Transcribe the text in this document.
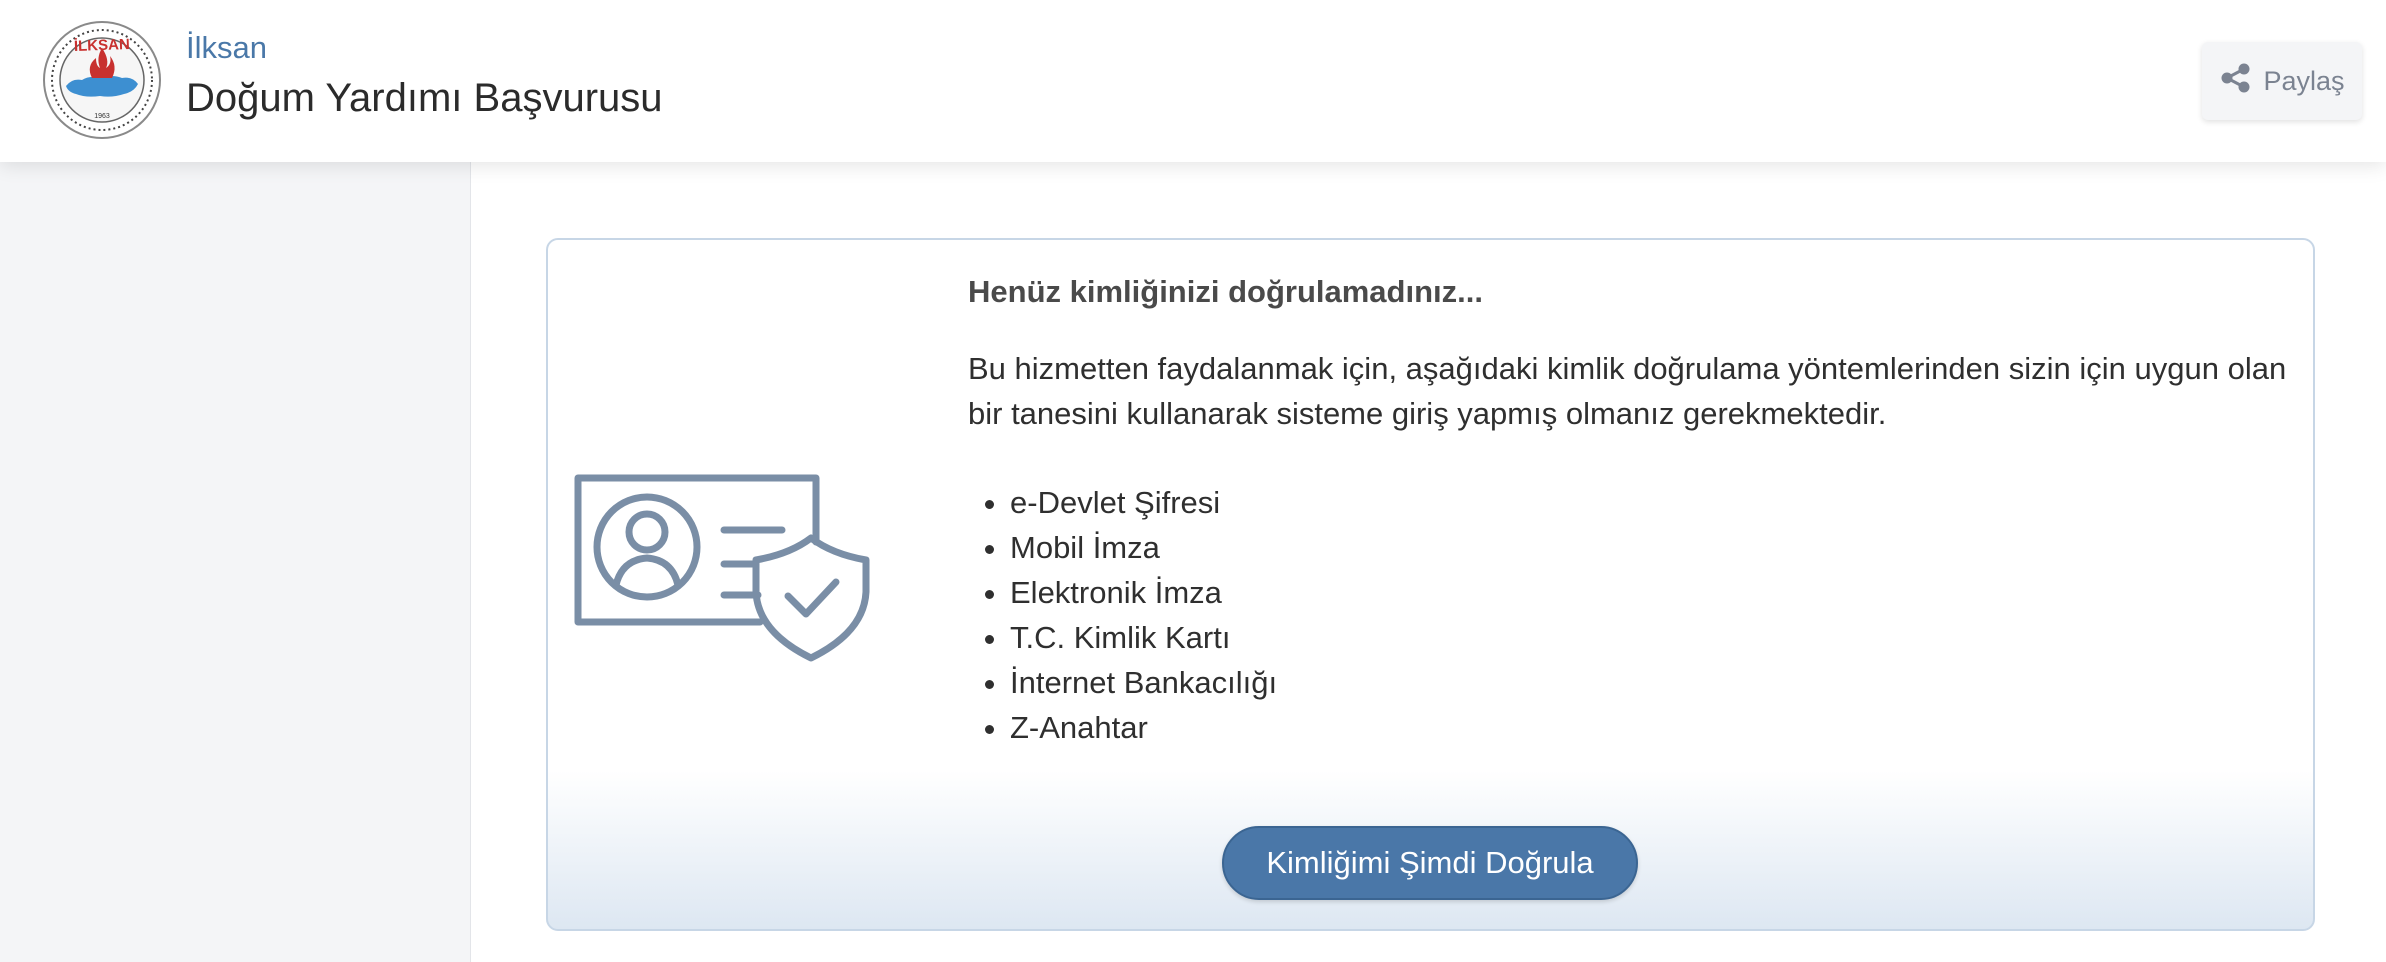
İLKSAN
1963
İlksan
Doğum Yardımı Başvurusu	Paylaş
Henüz kimliğinizi doğrulamadınız...

Bu hizmetten faydalanmak için, aşağıdaki kimlik doğrulama yöntemlerinden sizin için uygun olan bir tanesini kullanarak sisteme giriş yapmış olmanız gerekmektedir.

• e-Devlet Şifresi
• Mobil İmza
• Elektronik İmza
• T.C. Kimlik Kartı
• İnternet Bankacılığı
• Z-Anahtar
Kimliğimi Şimdi Doğrula
